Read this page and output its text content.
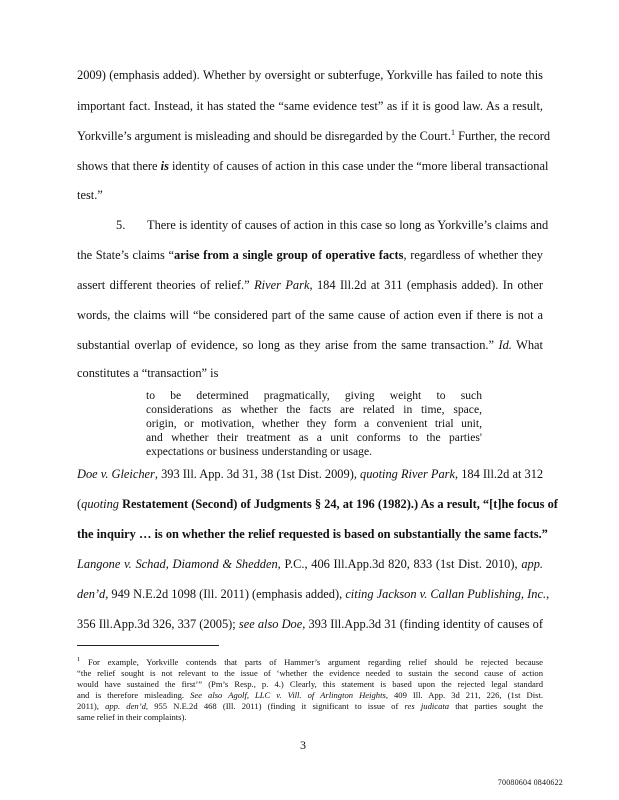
2009) (emphasis added). Whether by oversight or subterfuge, Yorkville has failed to note this
important fact. Instead, it has stated the “same evidence test” as if it is good law. As a result,
Yorkville’s argument is misleading and should be disregarded by the Court.$^1$ Further, the record
shows that there is identity of causes of action in this case under the “more liberal transactional
test.”
5. There is identity of causes of action in this case so long as Yorkville’s claims and
the State’s claims “arise from a single group of operative facts, regardless of whether they
assert different theories of relief.” River Park, 184 Ill.2d at 311 (emphasis added). In other
words, the claims will “be considered part of the same cause of action even if there is not a
substantial overlap of evidence, so long as they arise from the same transaction.” Id. What
constitutes a “transaction” is
to be determined pragmatically, giving weight to such
considerations as whether the facts are related in time, space,
origin, or motivation, whether they form a convenient trial unit,
and whether their treatment as a unit conforms to the parties'
expectations or business understanding or usage.
Doe v. Gleicher, 393 Ill. App. 3d 31, 38 (1st Dist. 2009), quoting River Park, 184 Ill.2d at 312
(quoting Restatement (Second) of Judgments § 24, at 196 (1982).) As a result, “[t]he focus of
the inquiry … is on whether the relief requested is based on substantially the same facts.”
Langone v. Schad, Diamond & Shedden, P.C., 406 Ill.App.3d 820, 833 (1st Dist. 2010), app.
den’d, 949 N.E.2d 1098 (Ill. 2011) (emphasis added), citing Jackson v. Callan Publishing, Inc.,
356 Ill.App.3d 326, 337 (2005); see also Doe, 393 Ill.App.3d 31 (finding identity of causes of
$^1$ For example, Yorkville contends that parts of Hammer’s argument regarding relief should be rejected because
“the relief sought is not relevant to the issue of ‘whether the evidence needed to sustain the second cause of action
would have sustained the first’” (Pm’s Resp., p. 4.) Clearly, this statement is based upon the rejected legal standard
and is therefore misleading. See also Agolf, LLC v. Vill. of Arlington Heights, 409 Ill. App. 3d 211, 226, (1st Dist.
2011), app. den’d, 955 N.E.2d 468 (Ill. 2011) (finding it significant to issue of res judicata that parties sought the
same relief in their complaints).
3
70080604 0840622
